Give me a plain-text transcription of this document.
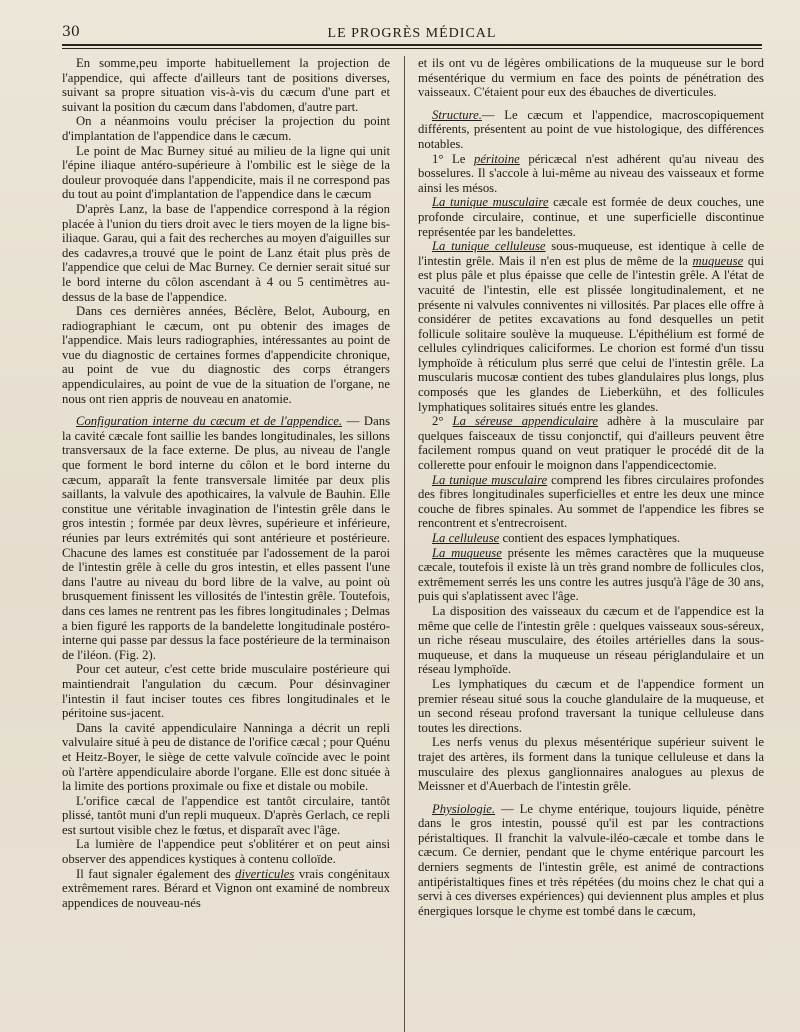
30	LE PROGRÈS MÉDICAL

En somme,peu importe habituellement la projection de l'appendice, qui affecte d'ailleurs tant de positions diverses, suivant sa propre situation vis-à-vis du cæcum d'une part et suivant la position du cæcum dans l'abdomen, d'autre part.

On a néanmoins voulu préciser la projection du point d'implantation de l'appendice dans le cæcum.

Le point de Mac Burney situé au milieu de la ligne qui unit l'épine iliaque antéro-supérieure à l'ombilic est le siège de la douleur provoquée dans l'appendicite, mais il ne correspond pas du tout au point d'implantation de l'appendice dans le cæcum

D'après Lanz, la base de l'appendice correspond à la région placée à l'union du tiers droit avec le tiers moyen de la ligne bis-iliaque. Garau, qui a fait des recherches au moyen d'aiguilles sur des cadavres,a trouvé que le point de Lanz était plus près de l'appendice que celui de Mac Burney. Ce dernier serait situé sur le bord interne du côlon ascendant à 4 ou 5 centimètres au-dessus de la base de l'appendice.

Dans ces dernières années, Béclère, Belot, Aubourg, en radiographiant le cæcum, ont pu obtenir des images de l'appendice. Mais leurs radiographies, intéressantes au point de vue du diagnostic de certaines formes d'appendicite chronique, au point de vue du diagnostic des corps étrangers appendiculaires, au point de vue de la situation de l'organe, ne nous ont rien appris de nouveau en anatomie.

Configuration interne du cæcum et de l'appendice. — Dans la cavité cæcale font saillie les bandes longitudinales, les sillons transversaux de la face externe. De plus, au niveau de l'angle que forment le bord interne du côlon et le bord interne du cæcum, apparaît la fente transversale limitée par deux plis saillants, la valvule des apothicaires, la valvule de Bauhin. Elle constitue une véritable invagination de l'intestin grêle dans le gros intestin ; formée par deux lèvres, supérieure et inférieure, réunies par leurs extrémités qui sont antérieure et postérieure. Chacune des lames est constituée par l'adossement de la paroi de l'intestin grêle à celle du gros intestin, et elles passent l'une dans l'autre au niveau du bord libre de la valve, au point où brusquement finissent les villosités de l'intestin grêle. Toutefois, dans ces lames ne rentrent pas les fibres longitudinales ; Delmas a bien figuré les rapports de la bandelette longitudinale postéro-interne qui passe par dessus la face postérieure de la terminaison de l'iléon. (Fig. 2).

Pour cet auteur, c'est cette bride musculaire postérieure qui maintiendrait l'angulation du cæcum. Pour désinvaginer l'intestin il faut inciser toutes ces fibres longitudinales et le péritoine sus-jacent.

Dans la cavité appendiculaire Nanninga a décrit un repli valvulaire situé à peu de distance de l'orifice cæcal ; pour Quénu et Heitz-Boyer, le siège de cette valvule coïncide avec le point où l'artère appendiculaire aborde l'organe. Elle est donc située à la limite des portions proximale ou fixe et distale ou mobile.

L'orifice cæcal de l'appendice est tantôt circulaire, tantôt plissé, tantôt muni d'un repli muqueux. D'après Gerlach, ce repli est surtout visible chez le fœtus, et disparaît avec l'âge.

La lumière de l'appendice peut s'oblitérer et on peut ainsi observer des appendices kystiques à contenu colloïde.

Il faut signaler également des diverticules vrais congénitaux extrêmement rares. Bérard et Vignon ont examiné de nombreux appendices de nouveau-nés

et ils ont vu de légères ombilications de la muqueuse sur le bord mésentérique du vermium en face des points de pénétration des vaisseaux. C'étaient pour eux des ébauches de diverticules.

Structure.— Le cæcum et l'appendice, macroscopiquement différents, présentent au point de vue histologique, des différences notables.

1° Le péritoine péricæcal n'est adhérent qu'au niveau des bosselures. Il s'accole à lui-même au niveau des vaisseaux et forme ainsi les mésos.

La tunique musculaire cæcale est formée de deux couches, une profonde circulaire, continue, et une superficielle discontinue représentée par les bandelettes.

La tunique celluleuse sous-muqueuse, est identique à celle de l'intestin grêle. Mais il n'en est plus de même de la muqueuse qui est plus pâle et plus épaisse que celle de l'intestin grêle. A l'état de vacuité de l'intestin, elle est plissée longitudinalement, et ne présente ni valvules conniventes ni villosités. Par places elle offre à considérer de petites excavations au fond desquelles un petit follicule solitaire soulève la muqueuse. L'épithélium est formé de cellules cylindriques caliciformes. Le chorion est formé d'un tissu lymphoïde à réticulum plus serré que celui de l'intestin grêle. La muscularis mucosæ contient des tubes glandulaires plus longs, plus composés que les glandes de Lieberkühn, et des follicules lymphatiques solitaires situés entre les glandes.

2° La séreuse appendiculaire adhère à la musculaire par quelques faisceaux de tissu conjonctif, qui d'ailleurs peuvent être facilement rompus quand on veut pratiquer le procédé dit de la collerette pour enfouir le moignon dans l'appendicectomie.

La tunique musculaire comprend les fibres circulaires profondes des fibres longitudinales superficielles et entre les deux une mince couche de fibres spinales. Au sommet de l'appendice les fibres se rencontrent et s'entrecroisent.

La celluleuse contient des espaces lymphatiques.

La muqueuse présente les mêmes caractères que la muqueuse cæcale, toutefois il existe là un très grand nombre de follicules clos, extrêmement serrés les uns contre les autres jusqu'à l'âge de 30 ans, puis qui s'aplatissent avec l'âge.

La disposition des vaisseaux du cæcum et de l'appendice est la même que celle de l'intestin grêle : quelques vaisseaux sous-séreux, un riche réseau musculaire, des étoiles artérielles dans la sous-muqueuse, et dans la muqueuse un réseau périglandulaire et un réseau lymphoïde.

Les lymphatiques du cæcum et de l'appendice forment un premier réseau situé sous la couche glandulaire de la muqueuse, et un second réseau profond traversant la tunique celluleuse dans toutes les directions.

Les nerfs venus du plexus mésentérique supérieur suivent le trajet des artères, ils forment dans la tunique celluleuse et dans la musculaire des plexus ganglionnaires analogues au plexus de Meissner et d'Auerbach de l'intestin grêle.

Physiologie. — Le chyme entérique, toujours liquide, pénètre dans le gros intestin, poussé qu'il est par les contractions péristaltiques. Il franchit la valvule-iléo-cæcale et tombe dans le cæcum. Ce dernier, pendant que le chyme entérique parcourt les derniers segments de l'intestin grêle, est animé de contractions antipéristaltiques fines et très répétées (du moins chez le chat qui a servi à ces diverses expériences) qui deviennent plus amples et plus énergiques lorsque le chyme est tombé dans le cæcum,
